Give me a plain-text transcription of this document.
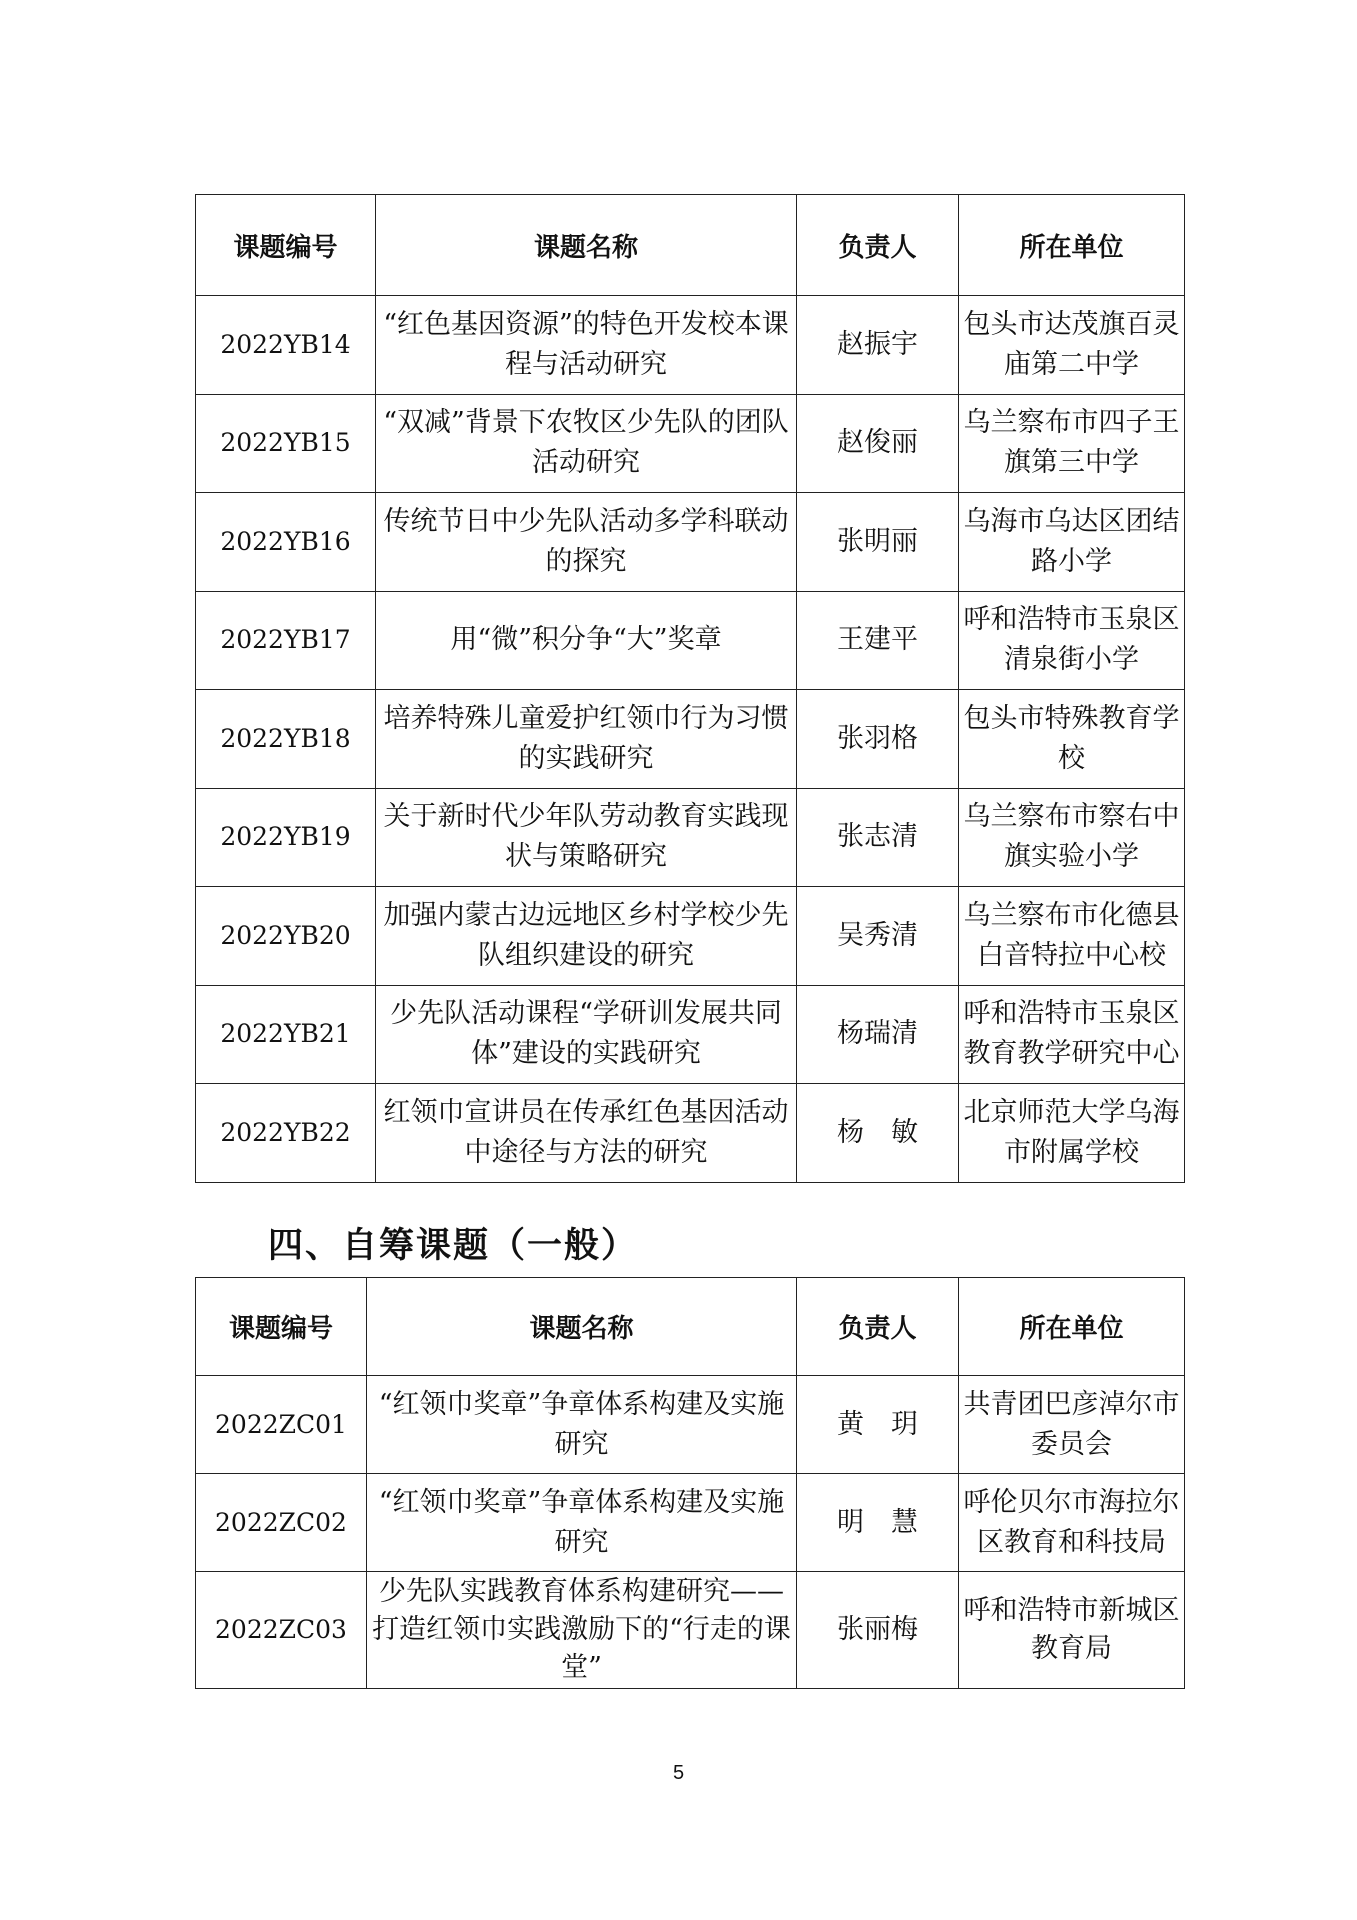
课题编号	课题名称	负责人	所在单位
2022YB14	“红色基因资源”的特色开发校本课程与活动研究	赵振宇	包头市达茂旗百灵庙第二中学
2022YB15	“双减”背景下农牧区少先队的团队活动研究	赵俊丽	乌兰察布市四子王旗第三中学
2022YB16	传统节日中少先队活动多学科联动的探究	张明丽	乌海市乌达区团结路小学
2022YB17	用“微”积分争“大”奖章	王建平	呼和浩特市玉泉区清泉街小学
2022YB18	培养特殊儿童爱护红领巾行为习惯的实践研究	张羽格	包头市特殊教育学校
2022YB19	关于新时代少年队劳动教育实践现状与策略研究	张志清	乌兰察布市察右中旗实验小学
2022YB20	加强内蒙古边远地区乡村学校少先队组织建设的研究	吴秀清	乌兰察布市化德县白音特拉中心校
2022YB21	少先队活动课程“学研训发展共同体”建设的实践研究	杨瑞清	呼和浩特市玉泉区教育教学研究中心
2022YB22	红领巾宣讲员在传承红色基因活动中途径与方法的研究	杨　敏	北京师范大学乌海市附属学校
四、自筹课题（一般）
课题编号	课题名称	负责人	所在单位
2022ZC01	“红领巾奖章”争章体系构建及实施研究	黄　玥	共青团巴彦淖尔市委员会
2022ZC02	“红领巾奖章”争章体系构建及实施研究	明　慧	呼伦贝尔市海拉尔区教育和科技局
2022ZC03	少先队实践教育体系构建研究——打造红领巾实践激励下的“行走的课堂”	张丽梅	呼和浩特市新城区教育局
5
